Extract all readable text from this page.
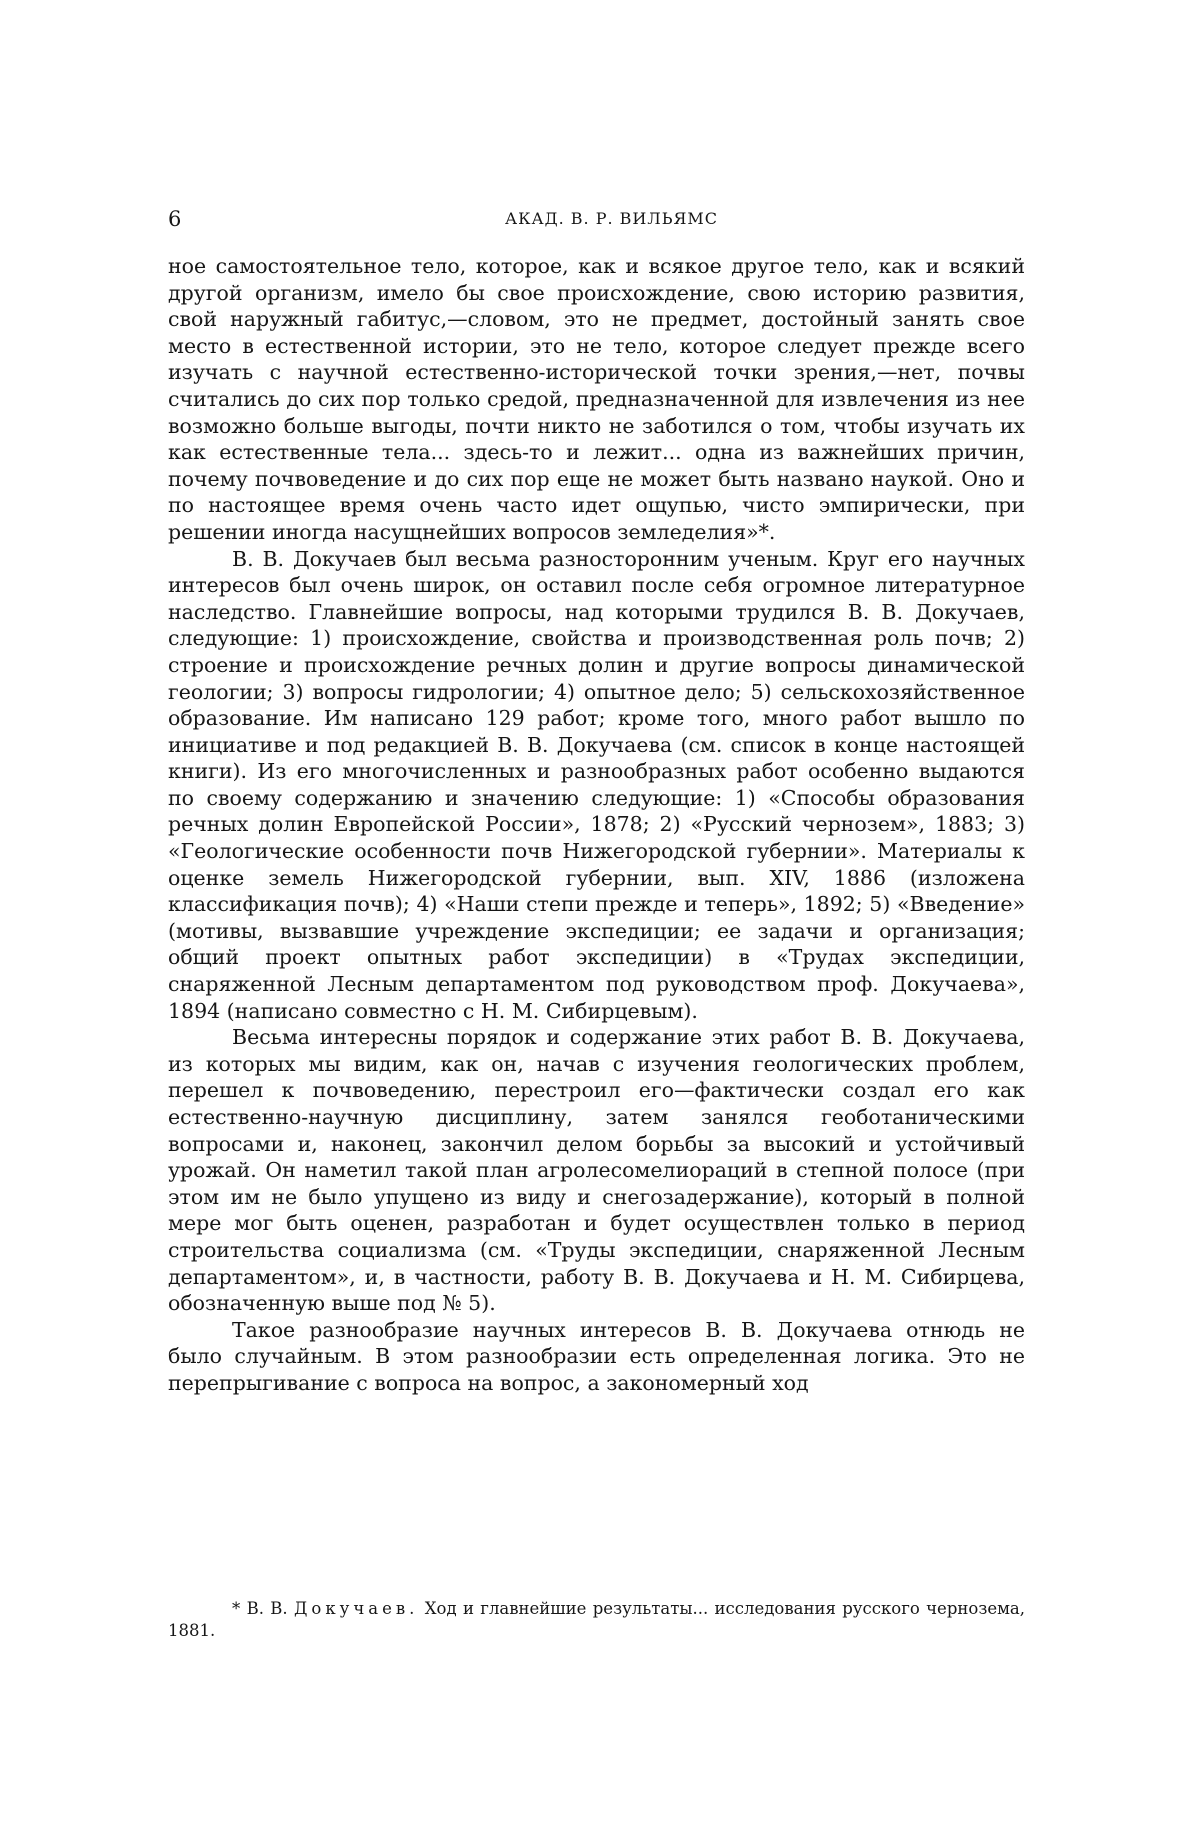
6	АКАД. В. Р. ВИЛЬЯМС

ное самостоятельное тело, которое, как и всякое другое тело, как и всякий другой организм, имело бы свое происхождение, свою историю развития, свой наружный габитус,—словом, это не предмет, достойный занять свое место в естественной истории, это не тело, которое следует прежде всего изучать с научной естественно-исторической точки зрения,—нет, почвы считались до сих пор только средой, предназначенной для извлечения из нее возможно больше выгоды, почти никто не заботился о том, чтобы изучать их как естественные тела... здесь-то и лежит... одна из важнейших причин, почему почвоведение и до сих пор еще не может быть названо наукой. Оно и по настоящее время очень часто идет ощупью, чисто эмпирически, при решении иногда насущнейших вопросов земледелия»*.

В. В. Докучаев был весьма разносторонним ученым. Круг его научных интересов был очень широк, он оставил после себя огромное литературное наследство. Главнейшие вопросы, над которыми трудился В. В. Докучаев, следующие: 1) происхождение, свойства и производственная роль почв; 2) строение и происхождение речных долин и другие вопросы динамической геологии; 3) вопросы гидрологии; 4) опытное дело; 5) сельскохозяйственное образование. Им написано 129 работ; кроме того, много работ вышло по инициативе и под редакцией В. В. Докучаева (см. список в конце настоящей книги). Из его многочисленных и разнообразных работ особенно выдаются по своему содержанию и значению следующие: 1) «Способы образования речных долин Европейской России», 1878; 2) «Русский чернозем», 1883; 3) «Геологические особенности почв Нижегородской губернии». Материалы к оценке земель Нижегородской губернии, вып. XIV, 1886 (изложена классификация почв); 4) «Наши степи прежде и теперь», 1892; 5) «Введение» (мотивы, вызвавшие учреждение экспедиции; ее задачи и организация; общий проект опытных работ экспедиции) в «Трудах экспедиции, снаряженной Лесным департаментом под руководством проф. Докучаева», 1894 (написано совместно с Н. М. Сибирцевым).

Весьма интересны порядок и содержание этих работ В. В. Докучаева, из которых мы видим, как он, начав с изучения геологических проблем, перешел к почвоведению, перестроил его—фактически создал его как естественно-научную дисциплину, затем занялся геоботаническими вопросами и, наконец, закончил делом борьбы за высокий и устойчивый урожай. Он наметил такой план агролесомелиораций в степной полосе (при этом им не было упущено из виду и снегозадержание), который в полной мере мог быть оценен, разработан и будет осуществлен только в период строительства социализма (см. «Труды экспедиции, снаряженной Лесным департаментом», и, в частности, работу В. В. Докучаева и Н. М. Сибирцева, обозначенную выше под № 5).

Такое разнообразие научных интересов В. В. Докучаева отнюдь не было случайным. В этом разнообразии есть определенная логика. Это не перепрыгивание с вопроса на вопрос, а закономерный ход

* В. В. Докучаев. Ход и главнейшие результаты... исследования русского чернозема, 1881.
